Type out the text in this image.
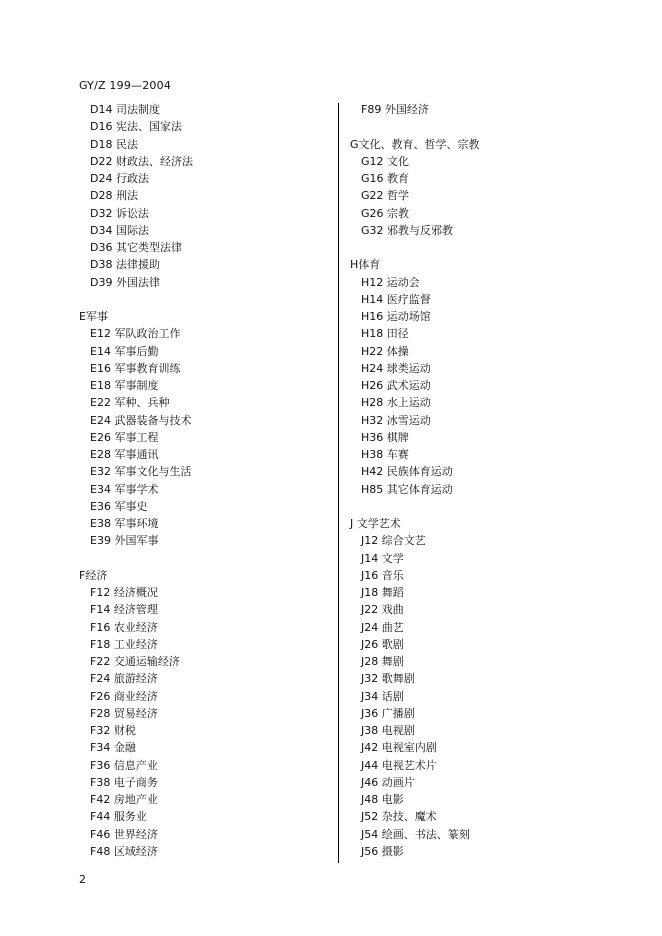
GY/Z 199—2004
D14 司法制度
D16 宪法、国家法
D18 民法
D22 财政法、经济法
D24 行政法
D28 刑法
D32 诉讼法
D34 国际法
D36 其它类型法律
D38 法律援助
D39 外国法律
E军事
E12 军队政治工作
E14 军事后勤
E16 军事教育训练
E18 军事制度
E22 军种、兵种
E24 武器装备与技术
E26 军事工程
E28 军事通讯
E32 军事文化与生活
E34 军事学术
E36 军事史
E38 军事环境
E39 外国军事
F经济
F12 经济概况
F14 经济管理
F16 农业经济
F18 工业经济
F22 交通运输经济
F24 旅游经济
F26 商业经济
F28 贸易经济
F32 财税
F34 金融
F36 信息产业
F38 电子商务
F42 房地产业
F44 服务业
F46 世界经济
F48 区域经济
F89 外国经济
G文化、教育、哲学、宗教
G12 文化
G16 教育
G22 哲学
G26 宗教
G32 邪教与反邪教
H体育
H12 运动会
H14 医疗监督
H16 运动场馆
H18 田径
H22 体操
H24 球类运动
H26 武术运动
H28 水上运动
H32 冰雪运动
H36 棋牌
H38 车赛
H42 民族体育运动
H85 其它体育运动
J 文学艺术
J12 综合文艺
J14 文学
J16 音乐
J18 舞蹈
J22 戏曲
J24 曲艺
J26 歌剧
J28 舞剧
J32 歌舞剧
J34 话剧
J36 广播剧
J38 电视剧
J42 电视室内剧
J44 电视艺术片
J46 动画片
J48 电影
J52 杂技、魔术
J54 绘画、书法、篆刻
J56 摄影
2
